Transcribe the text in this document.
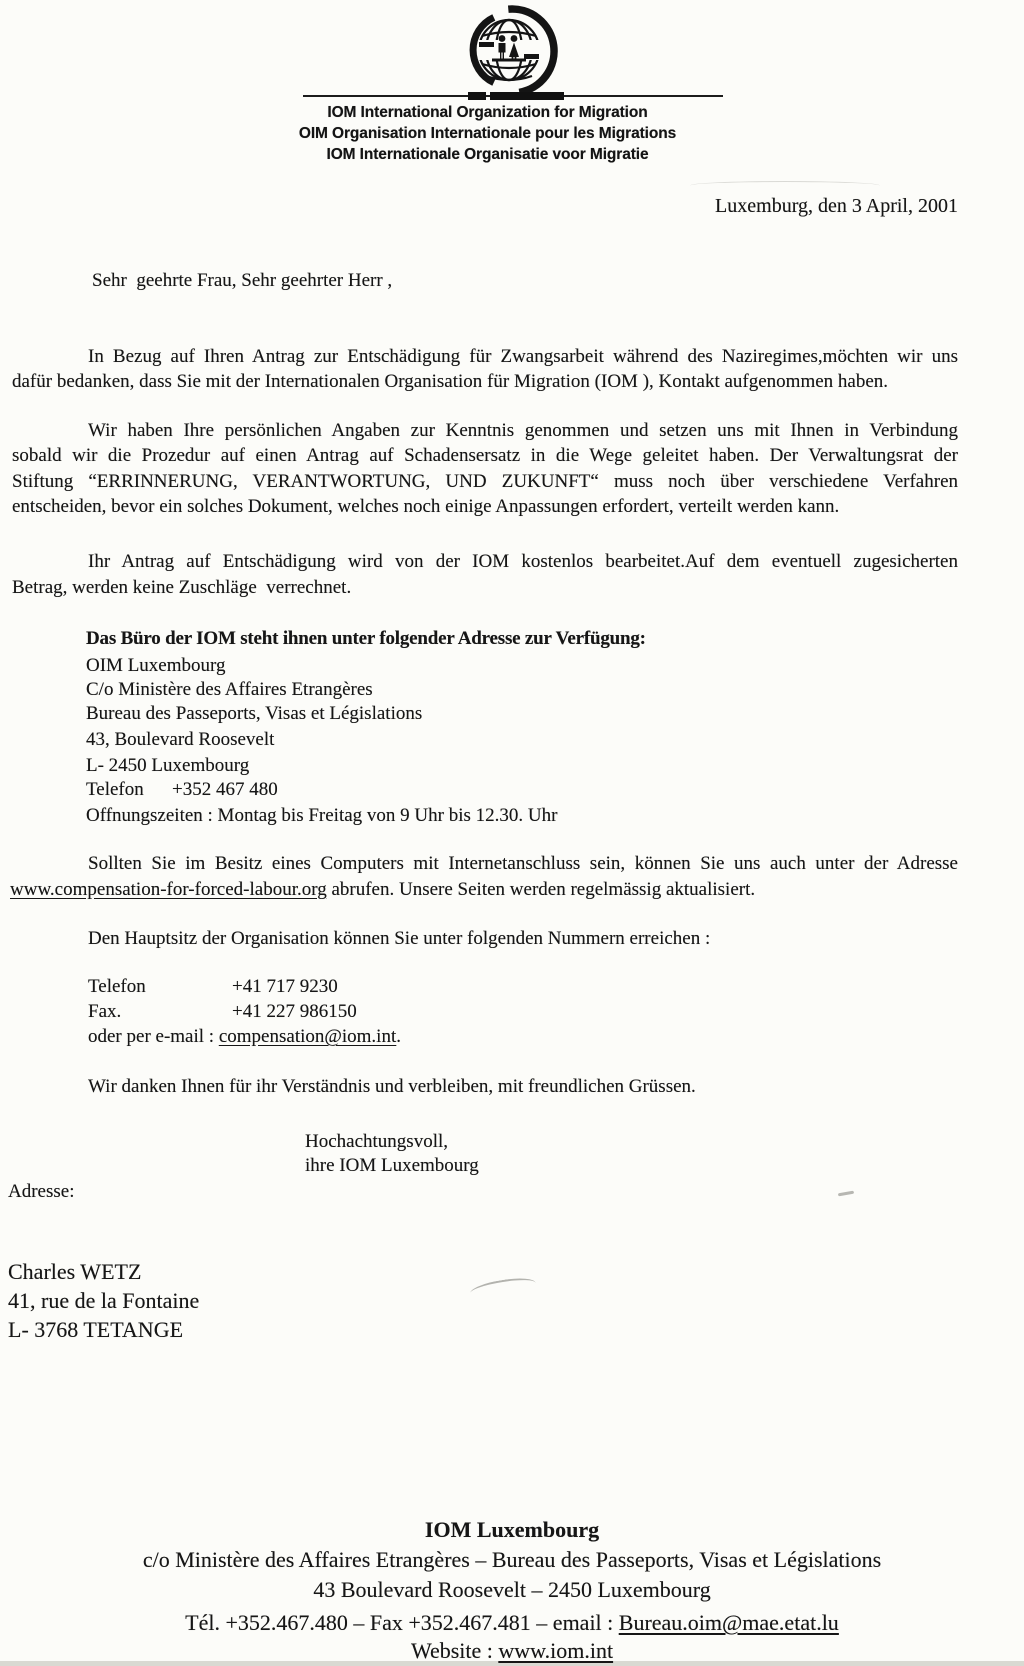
IOM International Organization for Migration
OIM Organisation Internationale pour les Migrations
IOM Internationale Organisatie voor Migratie
Luxemburg, den 3 April, 2001
Sehr  geehrte Frau, Sehr geehrter Herr ,
In Bezug auf Ihren Antrag zur Entschädigung für Zwangsarbeit während des Naziregimes,möchten wir uns
dafür bedanken, dass Sie mit der Internationalen Organisation für Migration (IOM ), Kontakt aufgenommen haben.
Wir haben Ihre persönlichen Angaben zur Kenntnis genommen und setzen uns mit Ihnen in Verbindung
sobald wir die Prozedur auf einen Antrag auf Schadensersatz in die Wege geleitet haben. Der Verwaltungsrat der
Stiftung “ERRINNERUNG, VERANTWORTUNG, UND ZUKUNFT“ muss noch über verschiedene Verfahren
entscheiden, bevor ein solches Dokument, welches noch einige Anpassungen erfordert, verteilt werden kann.
Ihr Antrag auf Entschädigung wird von der IOM kostenlos bearbeitet.Auf dem eventuell zugesicherten
Betrag, werden keine Zuschläge  verrechnet.
Das Büro der IOM steht ihnen unter folgender Adresse zur Verfügung:
OIM Luxembourg
C/o Ministère des Affaires Etrangères
Bureau des Passeports, Visas et Législations
43, Boulevard Roosevelt
L- 2450 Luxembourg
Telefon +352 467 480
Offnungszeiten : Montag bis Freitag von 9 Uhr bis 12.30. Uhr
Sollten Sie im Besitz eines Computers mit Internetanschluss sein, können Sie uns auch unter der Adresse
www.compensation-for-forced-labour.org abrufen. Unsere Seiten werden regelmässig aktualisiert.
Den Hauptsitz der Organisation können Sie unter folgenden Nummern erreichen :
Telefon	+41 717 9230
Fax.	+41 227 986150
oder per e-mail : compensation@iom.int.
Wir danken Ihnen für ihr Verständnis und verbleiben, mit freundlichen Grüssen.
Hochachtungsvoll,
ihre IOM Luxembourg
Adresse:
Charles WETZ
41, rue de la Fontaine
L- 3768 TETANGE
IOM Luxembourg
c/o Ministère des Affaires Etrangères – Bureau des Passeports, Visas et Législations
43 Boulevard Roosevelt – 2450 Luxembourg
Tél. +352.467.480 – Fax +352.467.481 – email : Bureau.oim@mae.etat.lu
Website : www.iom.int
